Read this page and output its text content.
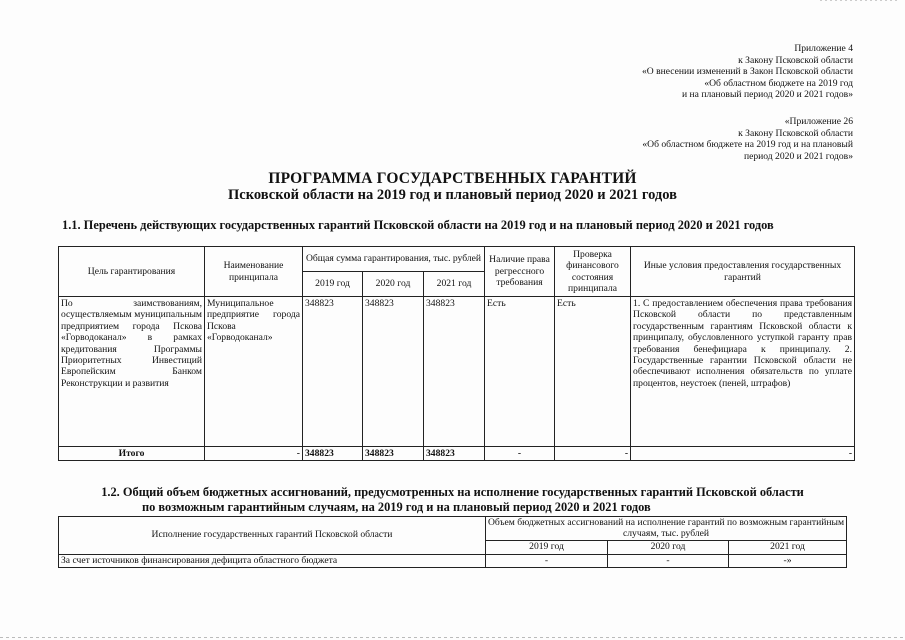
Приложение 4
к Закону Псковской области
«О внесении изменений в Закон Псковской области
«Об областном бюджете на 2019 год
и на плановый период 2020 и 2021 годов»
«Приложение 26
к Закону Псковской области
«Об областном бюджете на 2019 год и на плановый
период 2020 и 2021 годов»
ПРОГРАММА ГОСУДАРСТВЕННЫХ ГАРАНТИЙ
Псковской области на 2019 год и плановый период 2020 и 2021 годов
1.1. Перечень действующих государственных гарантий Псковской области на 2019 год и на плановый период 2020 и 2021 годов
Цель гарантирования	Наименование принципала	Общая сумма гарантирования, тыс. рублей			Наличие права регрессного требования	Проверка финансового состояния принципала	Иные условия предоставления государственных гарантий
		2019 год	2020 год	2021 год			
По заимствованиям, осуществляемым муниципальным предприятием города Пскова «Горводоканал» в рамках кредитования Программы Приоритетных Инвестиций Европейским Банком Реконструкции и развития	Муниципальное предприятие города Пскова «Горводоканал»	348823	348823	348823	Есть	Есть	1. С предоставлением обеспечения права требования Псковской области по представленным государственным гарантиям Псковской области к принципалу, обусловленного уступкой гаранту прав требования бенефициара к принципалу. 2. Государственные гарантии Псковской области не обеспечивают исполнения обязательств по уплате процентов, неустоек (пеней, штрафов)
Итого	-	348823	348823	348823	-	-	-
1.2. Общий объем бюджетных ассигнований, предусмотренных на исполнение государственных гарантий Псковской области
по возможным гарантийным случаям, на 2019 год и на плановый период 2020 и 2021 годов
Исполнение государственных гарантий Псковской области	Объем бюджетных ассигнований на исполнение гарантий по возможным гарантийным случаям, тыс. рублей		
	2019 год	2020 год	2021 год
За счет источников финансирования дефицита областного бюджета	-	-	-»
